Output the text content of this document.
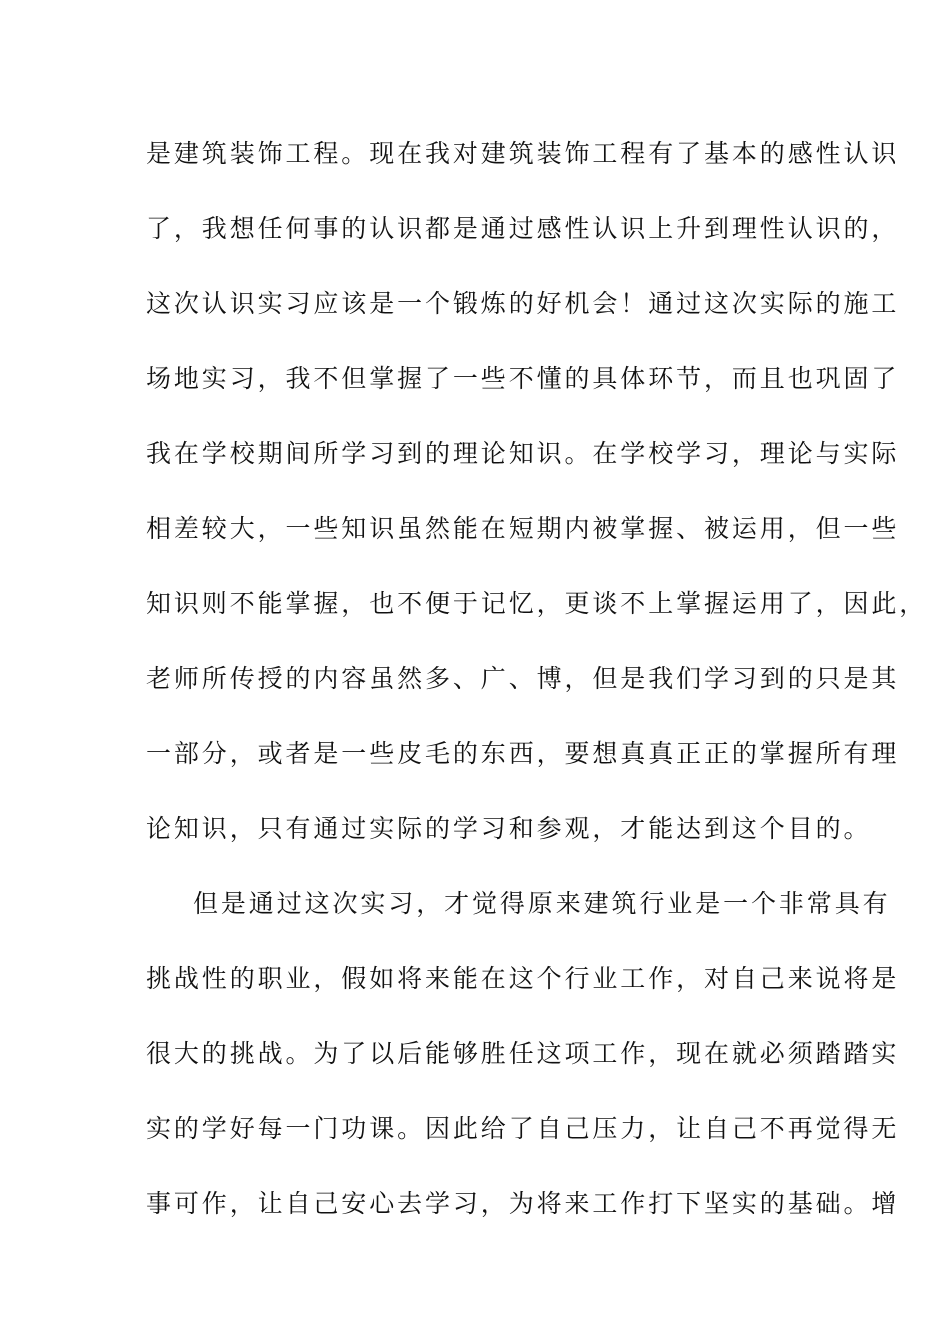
是建筑装饰工程。现在我对建筑装饰工程有了基本的感性认识
了，我想任何事的认识都是通过感性认识上升到理性认识的，
这次认识实习应该是一个锻炼的好机会！通过这次实际的施工
场地实习，我不但掌握了一些不懂的具体环节，而且也巩固了
我在学校期间所学习到的理论知识。在学校学习，理论与实际
相差较大，一些知识虽然能在短期内被掌握、被运用，但一些
知识则不能掌握，也不便于记忆，更谈不上掌握运用了，因此，
老师所传授的内容虽然多、广、博，但是我们学习到的只是其
一部分，或者是一些皮毛的东西，要想真真正正的掌握所有理
论知识，只有通过实际的学习和参观，才能达到这个目的。
但是通过这次实习，才觉得原来建筑行业是一个非常具有
挑战性的职业，假如将来能在这个行业工作，对自己来说将是
很大的挑战。为了以后能够胜任这项工作，现在就必须踏踏实
实的学好每一门功课。因此给了自己压力，让自己不再觉得无
事可作，让自己安心去学习，为将来工作打下坚实的基础。增
